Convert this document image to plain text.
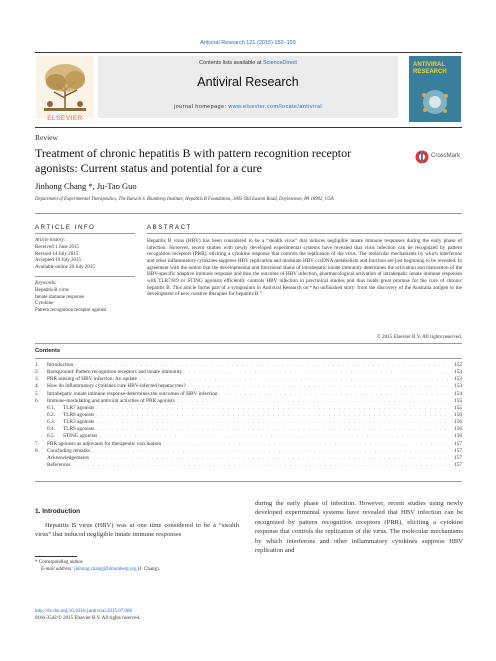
Antiviral Research 121 (2015) 152–159
ELSEVIER
Contents lists available at ScienceDirect
Antiviral Research
journal homepage: www.elsevier.com/locate/antiviral
ANTIVIRAL RESEARCH
Review
Treatment of chronic hepatitis B with pattern recognition receptor agonists: Current status and potential for a cure
CrossMark
Jinhong Chang *, Ju-Tao Guo
Department of Experimental Therapeutics, The Baruch S. Blumberg Institute, Hepatitis B Foundation, 3805 Old Easton Road, Doylestown, PA 18902, USA
ARTICLE INFO
Article history:
Received 1 June 2015
Revised 14 July 2015
Accepted 19 July 2015
Available online 20 July 2015
Keywords:
Hepatitis B virus
Innate immune response
Cytokine
Pattern recognition receptor agonist
ABSTRACT
Hepatitis B virus (HBV) has been considered to be a “stealth virus” that induces negligible innate immune responses during the early phase of infection. However, recent studies with newly developed experimental systems have revealed that virus infection can be recognized by pattern recognition receptors (PRR), eliciting a cytokine response that controls the replication of the virus. The molecular mechanisms by which interferons and other inflammatory cytokines suppress HBV replication and modulate HBV cccDNA metabolism and function are just beginning to be revealed. In agreement with the notion that the developmental and functional status of intrahepatic innate immunity determines the activation and maturation of the HBV-specific adaptive immune response and thus the outcome of HBV infection, pharmacological activation of intrahepatic innate immune responses with TLR7/8/9 or STING agonists efficiently controls HBV infection in preclinical studies and thus holds great promise for the cure of chronic hepatitis B. This article forms part of a symposium in Antiviral Research on “An unfinished story: from the discovery of the Australia antigen to the development of new curative therapies for hepatitis B.”
© 2015 Elsevier B.V. All rights reserved.
Contents
1.	Introduction . . .	152
2.	Background: Pattern recognition receptors and innate immunity . . .	153
3.	PRR sensing of HBV infection: An update . . .	153
4.	How do inflammatory cytokines cure HBV-infected hepatocytes? . . .	153
5.	Intrahepatic innate immune response determines the outcomes of HBV infection . . .	154
6.	Immune-modulating and antiviral activities of PRR agonists . . .	155
6.1.	TLR7 agonists . . .	155
6.2.	TLR8 agonists . . .	156
6.3.	TLR3 agonists . . .	156
6.4.	TLR9 agonists . . .	156
6.5.	STING agonists . . .	156
7.	PRR agonists as adjuvants for therapeutic vaccination . . .	157
8.	Concluding remarks . . .	157
Acknowledgements . . .	157
References . . .	157
1. Introduction
Hepatitis B virus (HBV) was at one time considered to be a “stealth virus” that induced negligible innate immune responses
during the early phase of infection. However, recent studies using newly developed experimental systems have revealed that HBV infection can be recognized by pattern recognition receptors (PRR), eliciting a cytokine response that controls the replication of the virus. The molecular mechanisms by which interferons and other inflammatory cytokines suppress HBV replication and
* Corresponding author.
E-mail address: jinhong.chang@bblumberg.org (J. Chang).
http://dx.doi.org/10.1016/j.antiviral.2015.07.006
0166-3542/© 2015 Elsevier B.V. All rights reserved.
